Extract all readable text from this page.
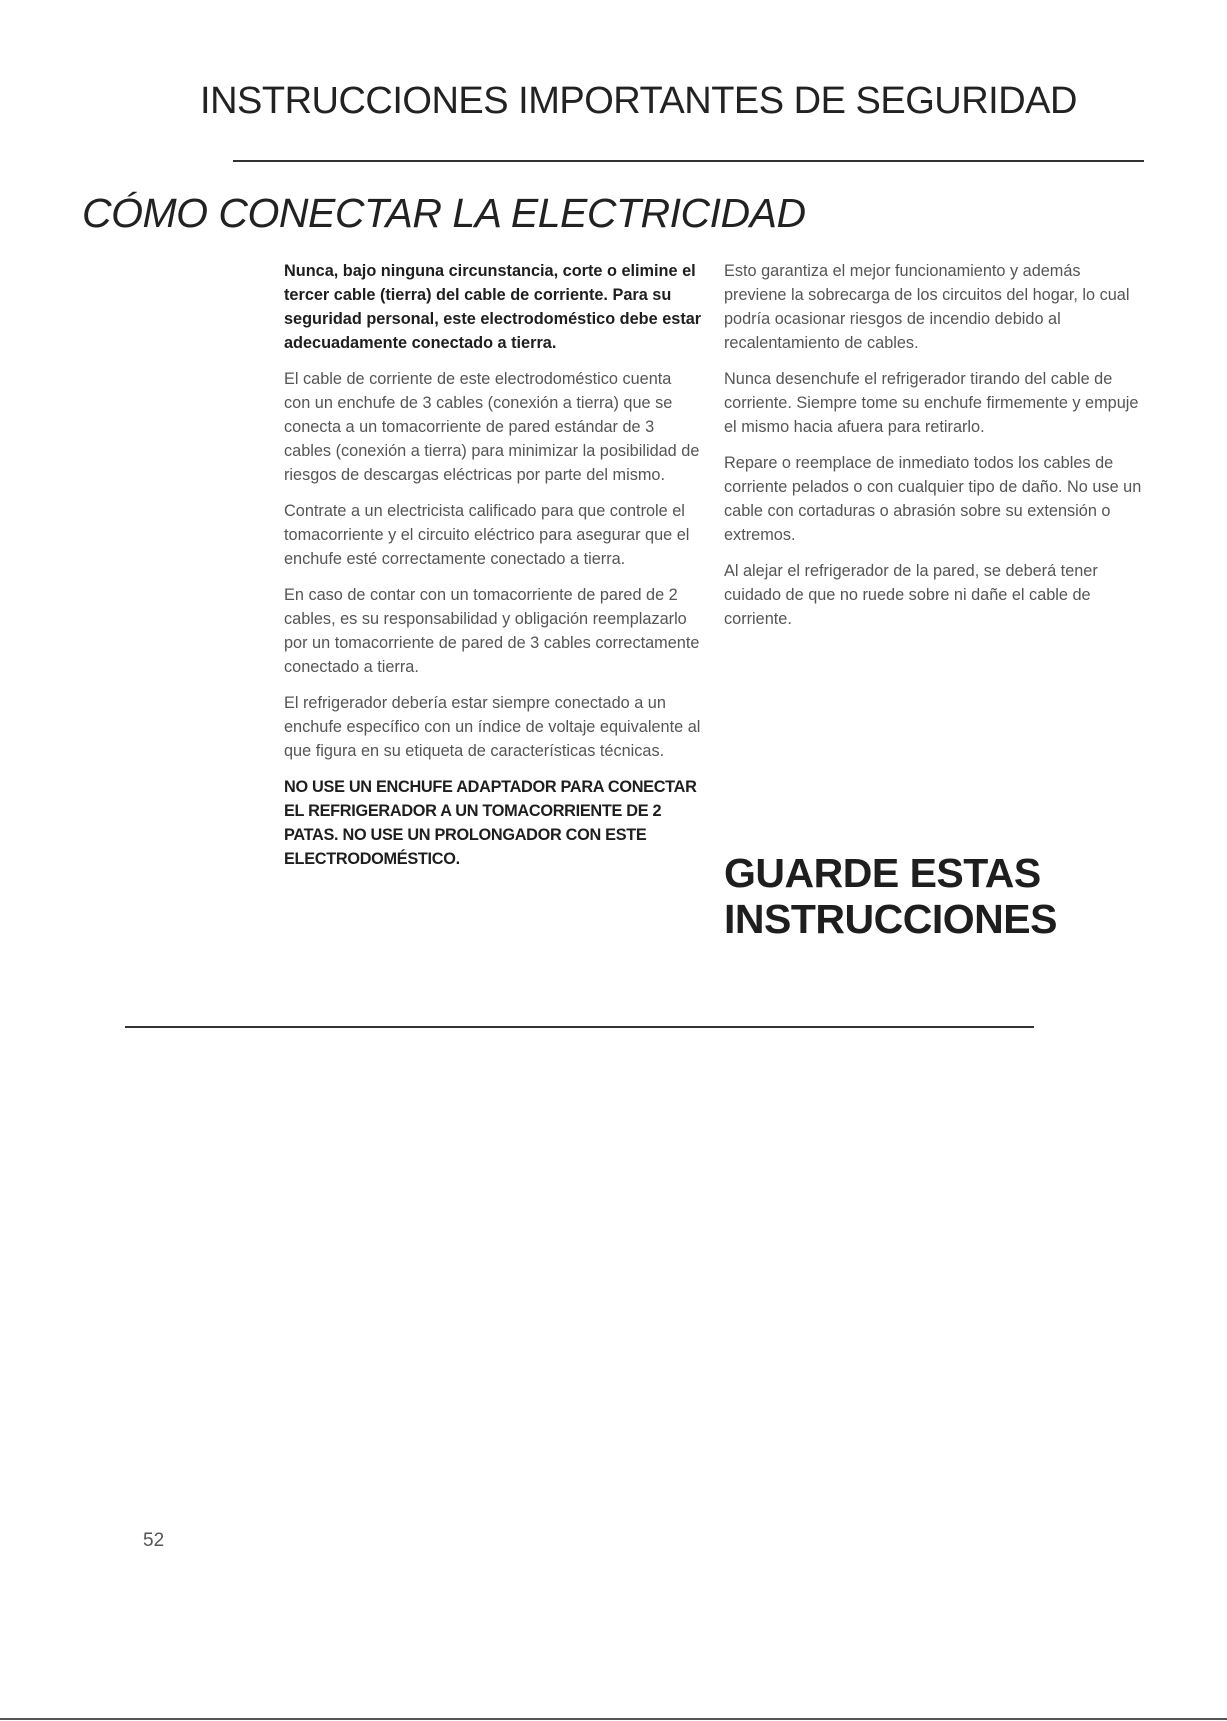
INSTRUCCIONES IMPORTANTES DE SEGURIDAD
CÓMO CONECTAR LA ELECTRICIDAD

Nunca, bajo ninguna circunstancia, corte o elimine el tercer cable (tierra) del cable de corriente. Para su seguridad personal, este electrodoméstico debe estar adecuadamente conectado a tierra.

El cable de corriente de este electrodoméstico cuenta con un enchufe de 3 cables (conexión a tierra) que se conecta a un tomacorriente de pared estándar de 3 cables (conexión a tierra) para minimizar la posibilidad de riesgos de descargas eléctricas por parte del mismo.

Contrate a un electricista calificado para que controle el tomacorriente y el circuito eléctrico para asegurar que el enchufe esté correctamente conectado a tierra.

En caso de contar con un tomacorriente de pared de 2 cables, es su responsabilidad y obligación reemplazarlo por un tomacorriente de pared de 3 cables correctamente conectado a tierra.

El refrigerador debería estar siempre conectado a un enchufe específico con un índice de voltaje equivalente al que figura en su etiqueta de características técnicas.

NO USE UN ENCHUFE ADAPTADOR PARA CONECTAR EL REFRIGERADOR A UN TOMACORRIENTE DE 2 PATAS. NO USE UN PROLONGADOR CON ESTE ELECTRODOMÉSTICO.

Esto garantiza el mejor funcionamiento y además previene la sobrecarga de los circuitos del hogar, lo cual podría ocasionar riesgos de incendio debido al recalentamiento de cables.

Nunca desenchufe el refrigerador tirando del cable de corriente. Siempre tome su enchufe firmemente y empuje el mismo hacia afuera para retirarlo.

Repare o reemplace de inmediato todos los cables de corriente pelados o con cualquier tipo de daño. No use un cable con cortaduras o abrasión sobre su extensión o extremos.

Al alejar el refrigerador de la pared, se deberá tener cuidado de que no ruede sobre ni dañe el cable de corriente.

GUARDE ESTAS
INSTRUCCIONES
52
